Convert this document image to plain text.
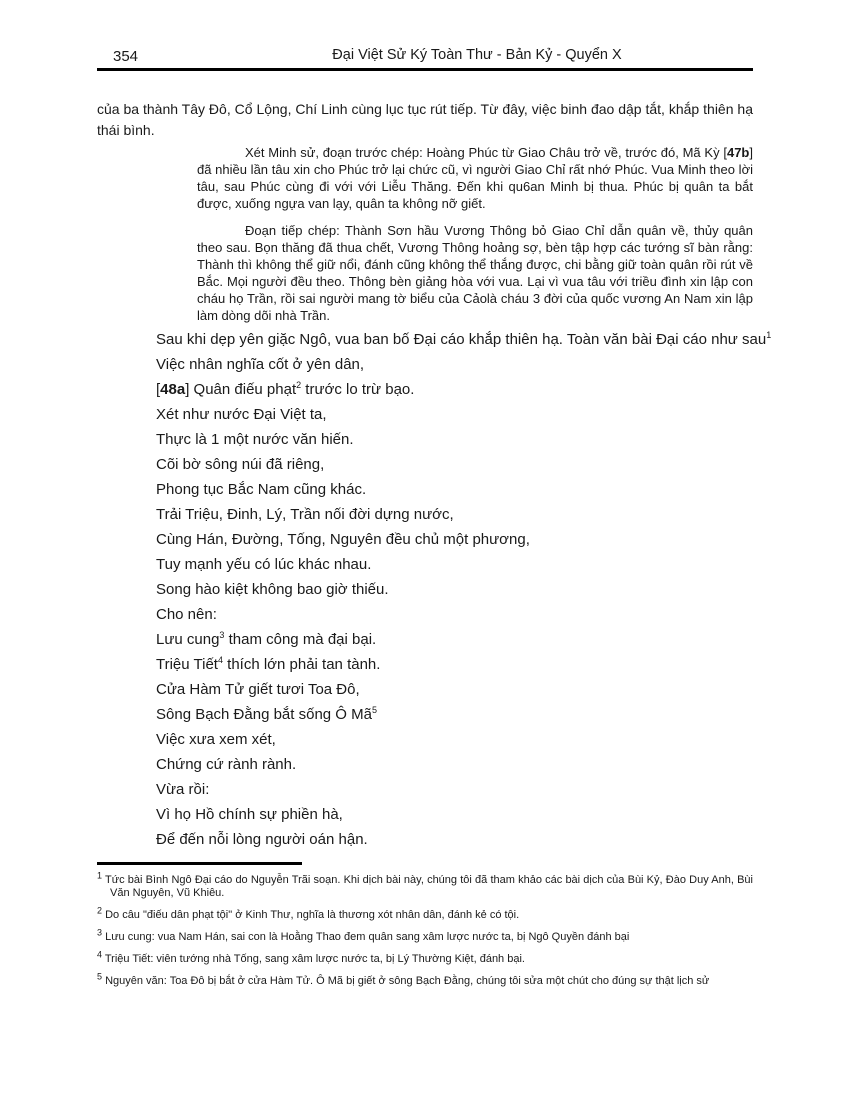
354	Đại Việt Sử Ký Toàn Thư - Bản Kỷ - Quyển X

của ba thành Tây Đô, Cổ Lộng, Chí Linh cùng lục tục rút tiếp. Từ đây, việc binh đao dập tắt, khắp thiên hạ thái bình.

Xét Minh sử, đoạn trước chép: Hoàng Phúc từ Giao Châu trở về, trước đó, Mã Kỳ [47b] đã nhiều lần tâu xin cho Phúc trở lại chức cũ, vì người Giao Chỉ rất nhớ Phúc. Vua Minh theo lời tâu, sau Phúc cùng đi với với Liễu Thăng. Đến khi qu6an Minh bị thua. Phúc bị quân ta bắt được, xuống ngựa van lạy, quân ta không nỡ giết.

Đoạn tiếp chép: Thành Sơn hầu Vương Thông bỏ Giao Chỉ dẫn quân về, thủy quân theo sau. Bọn thăng đã thua chết, Vương Thông hoảng sợ, bèn tập hợp các tướng sĩ bàn rằng: Thành thì không thể giữ nổi, đánh cũng không thể thắng được, chi bằng giữ toàn quân rồi rút về Bắc. Mọi người đều theo. Thông bèn giảng hòa với vua. Lại vì vua tâu với triều đình xin lập con cháu họ Trần, rồi sai người mang tờ biểu của Cảolà cháu 3 đời của quốc vương An Nam xin lập làm dòng dõi nhà Trần.

Sau khi dẹp yên giặc Ngô, vua ban bố Đại cáo khắp thiên hạ. Toàn văn bài Đại cáo như sau$^1$
Việc nhân nghĩa cốt ở yên dân,
[48a] Quân điếu phạt$^2$ trước lo trừ bạo.
Xét như nước Đại Việt ta,
Thực là 1 một nước văn hiến.
Cõi bờ sông núi đã riêng,
Phong tục Bắc Nam cũng khác.
Trải Triệu, Đinh, Lý, Trần nối đời dựng nước,
Cùng Hán, Đường, Tống, Nguyên đều chủ một phương,
Tuy mạnh yếu có lúc khác nhau.
Song hào kiệt không bao giờ thiếu.
Cho nên:
Lưu cung$^3$ tham công mà đại bại.
Triệu Tiết$^4$ thích lớn phải tan tành.
Cửa Hàm Tử giết tươi Toa Đô,
Sông Bạch Đằng bắt sống Ô $Mã^5$
Việc xưa xem xét,
Chứng cứ rành rành.
Vừa rồi:
Vì họ Hồ chính sự phiền hà,
Để đến nỗi lòng người oán hận.
$^1$ Tức bài Bình Ngô Đại cáo do Nguyễn Trãi soạn. Khi dịch bài này, chúng tôi đã tham khảo các bài dịch của Bùi Kỷ, Đào Duy Anh, Bùi Văn Nguyên, Vũ Khiêu.
$^2$ Do câu "điếu dân phạt tội" ở Kinh Thư, nghĩa là thương xót nhân dân, đánh kẻ có tội.
$^3$ Lưu cung: vua Nam Hán, sai con là Hoằng Thao đem quân sang xâm lược nước ta, bị Ngô Quyền đánh bại
$^4$ Triệu Tiết: viên tướng nhà Tống, sang xâm lược nước ta, bị Lý Thường Kiệt, đánh bại.
$^5$ Nguyên văn: Toa Đô bị bắt ở cửa Hàm Tử. Ô Mã bị giết ở sông Bạch Đằng, chúng tôi sửa một chút cho đúng sự thật lịch sử
